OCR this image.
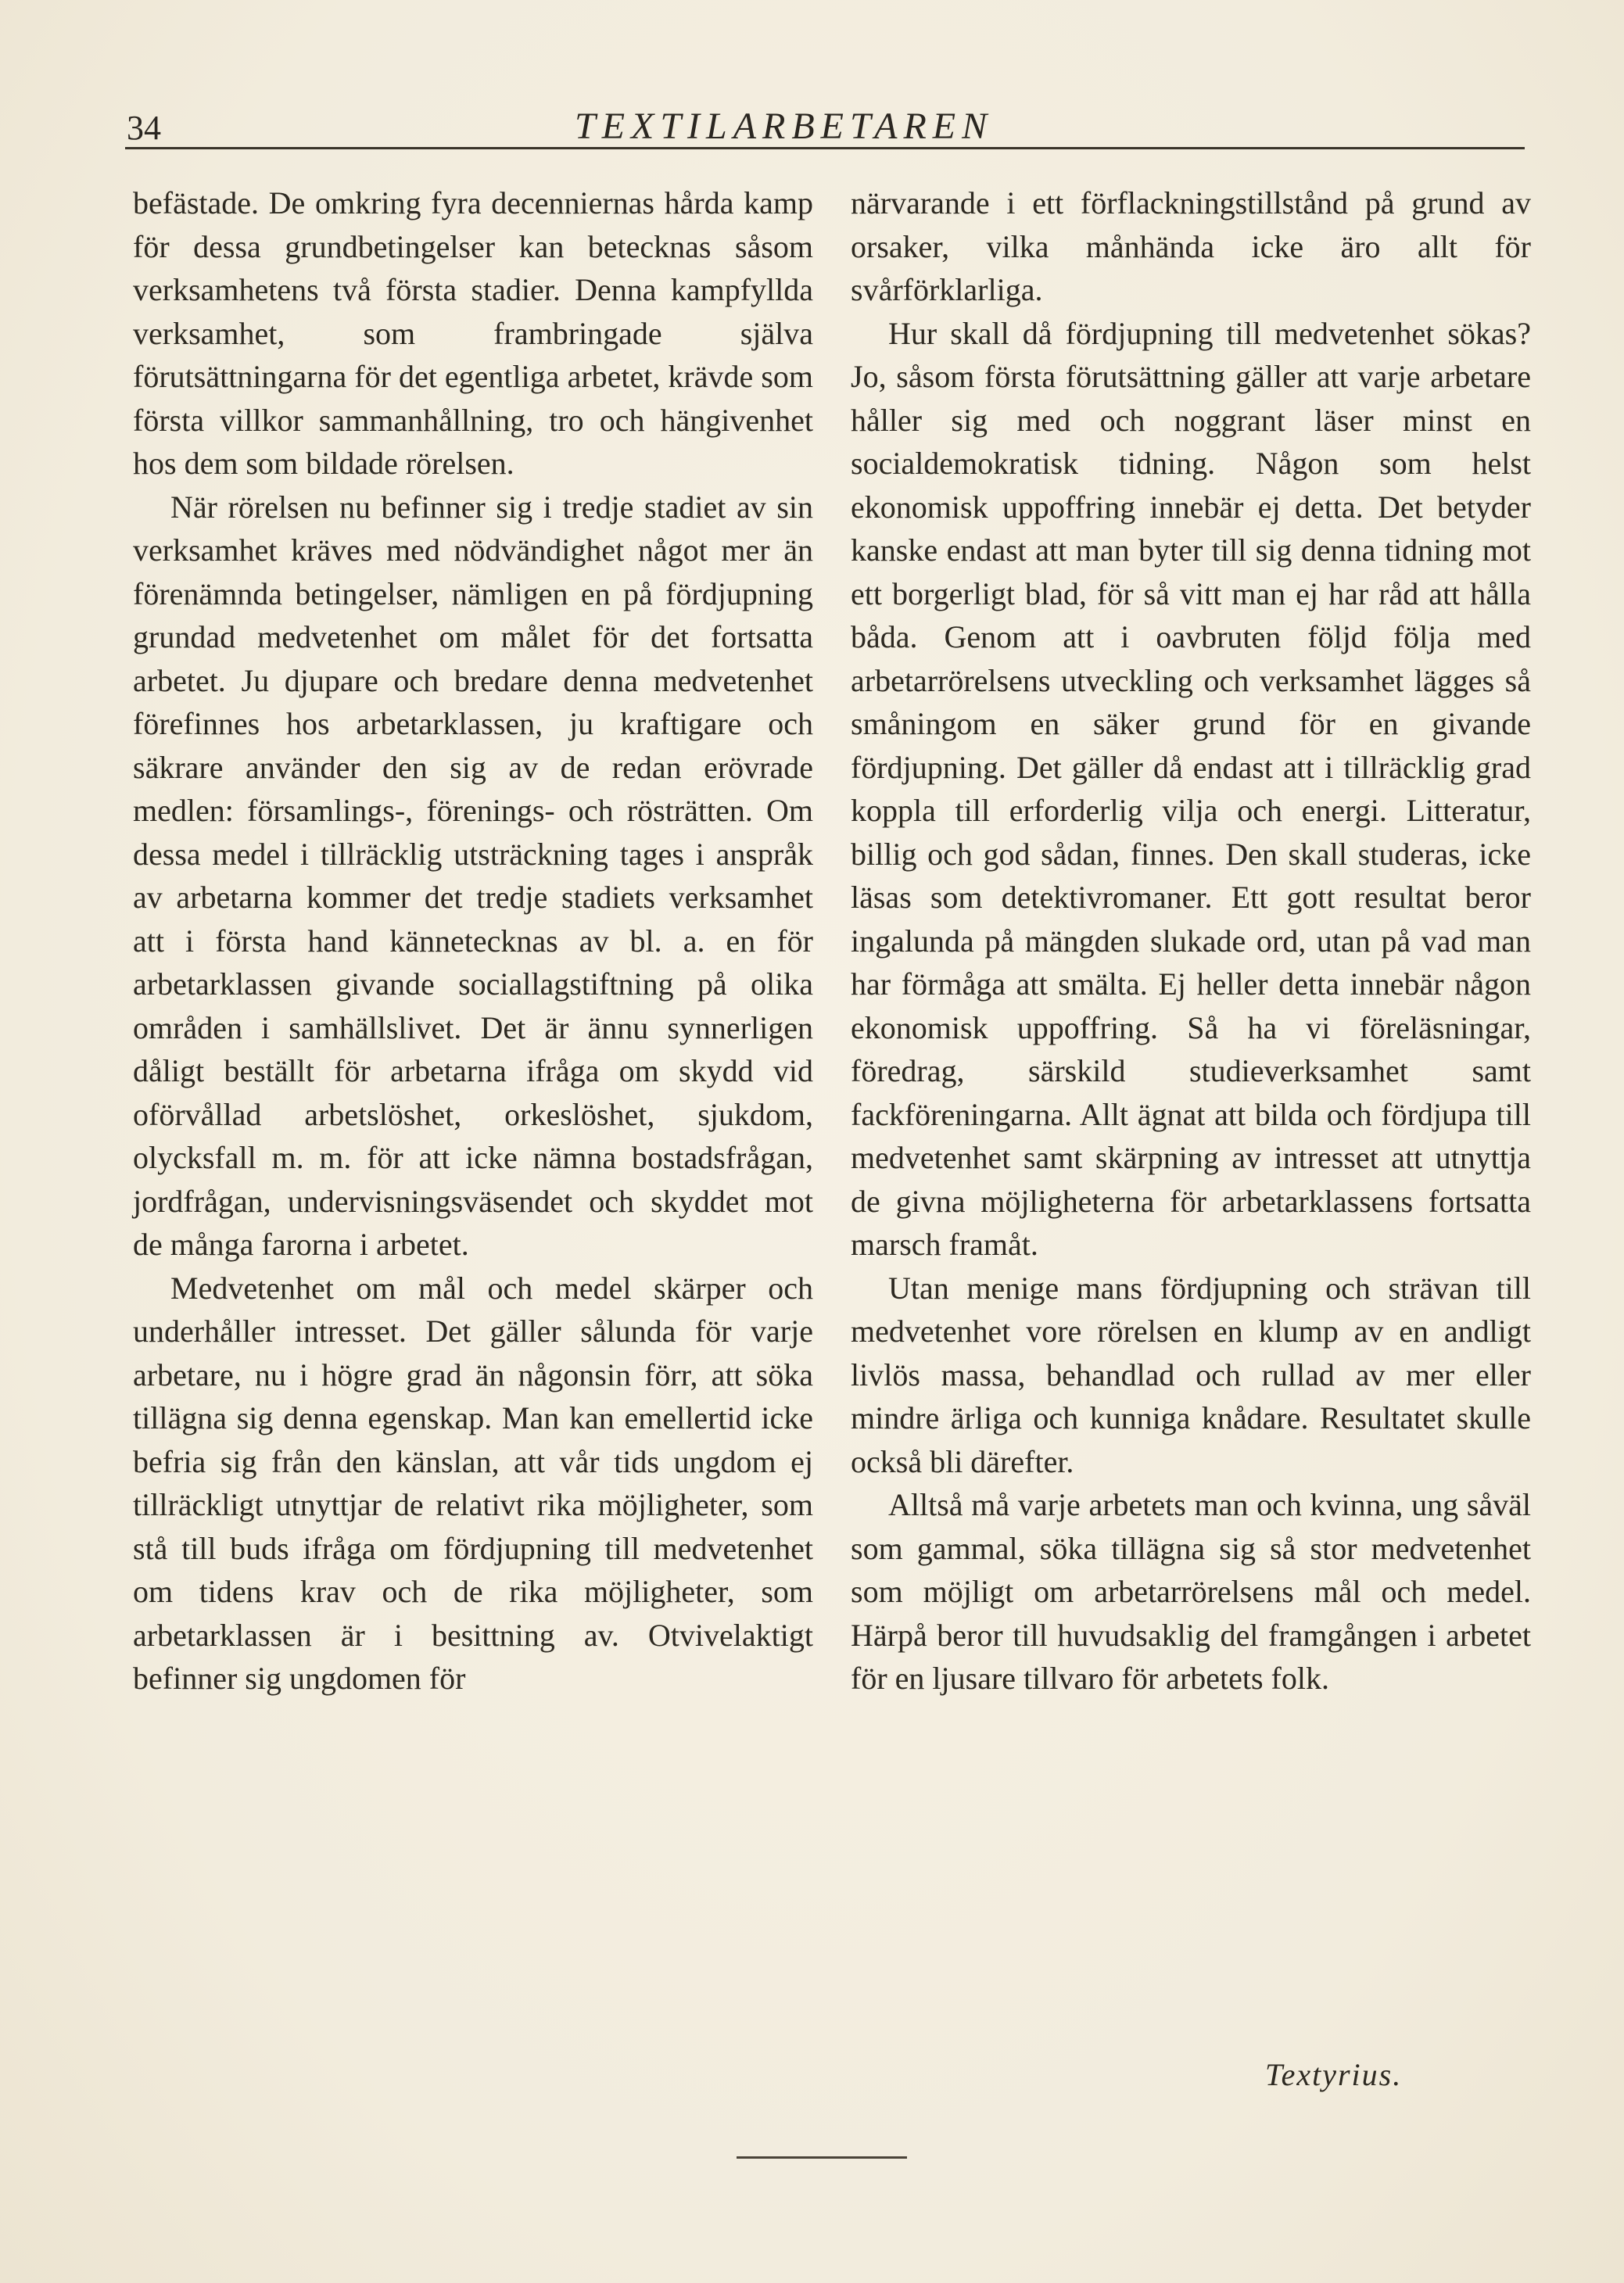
34	TEXTILARBETAREN

befästade. De omkring fyra decenniernas hårda kamp för dessa grundbetingelser kan betecknas såsom verksamhetens två första stadier. Denna kampfyllda verksamhet, som frambringade själva förutsättningarna för det egentliga arbetet, krävde som första villkor sammanhållning, tro och hängivenhet hos dem som bildade rörelsen.

När rörelsen nu befinner sig i tredje stadiet av sin verksamhet kräves med nödvändighet något mer än förenämnda betingelser, nämligen en på fördjupning grundad medvetenhet om målet för det fortsatta arbetet. Ju djupare och bredare denna medvetenhet förefinnes hos arbetarklassen, ju kraftigare och säkrare använder den sig av de redan erövrade medlen: församlings-, förenings- och rösträtten. Om dessa medel i tillräcklig utsträckning tages i anspråk av arbetarna kommer det tredje stadiets verksamhet att i första hand kännetecknas av bl. a. en för arbetarklassen givande sociallagstiftning på olika områden i samhällslivet. Det är ännu synnerligen dåligt beställt för arbetarna ifråga om skydd vid oförvållad arbetslöshet, orkeslöshet, sjukdom, olycksfall m. m. för att icke nämna bostadsfrågan, jordfrågan, undervisningsväsendet och skyddet mot de många farorna i arbetet.

Medvetenhet om mål och medel skärper och underhåller intresset. Det gäller sålunda för varje arbetare, nu i högre grad än någonsin förr, att söka tillägna sig denna egenskap. Man kan emellertid icke befria sig från den känslan, att vår tids ungdom ej tillräckligt utnyttjar de relativt rika möjligheter, som stå till buds ifråga om fördjupning till medvetenhet om tidens krav och de rika möjligheter, som arbetarklassen är i besittning av. Otvivelaktigt befinner sig ungdomen för

närvarande i ett förflackningstillstånd på grund av orsaker, vilka månhända icke äro allt för svårförklarliga.

Hur skall då fördjupning till medvetenhet sökas? Jo, såsom första förutsättning gäller att varje arbetare håller sig med och noggrant läser minst en socialdemokratisk tidning. Någon som helst ekonomisk uppoffring innebär ej detta. Det betyder kanske endast att man byter till sig denna tidning mot ett borgerligt blad, för så vitt man ej har råd att hålla båda. Genom att i oavbruten följd följa med arbetarrörelsens utveckling och verksamhet lägges så småningom en säker grund för en givande fördjupning. Det gäller då endast att i tillräcklig grad koppla till erforderlig vilja och energi. Litteratur, billig och god sådan, finnes. Den skall studeras, icke läsas som detektivromaner. Ett gott resultat beror ingalunda på mängden slukade ord, utan på vad man har förmåga att smälta. Ej heller detta innebär någon ekonomisk uppoffring. Så ha vi föreläsningar, föredrag, särskild studieverksamhet samt fackföreningarna. Allt ägnat att bilda och fördjupa till medvetenhet samt skärpning av intresset att utnyttja de givna möjligheterna för arbetarklassens fortsatta marsch framåt.

Utan menige mans fördjupning och strävan till medvetenhet vore rörelsen en klump av en andligt livlös massa, behandlad och rullad av mer eller mindre ärliga och kunniga knådare. Resultatet skulle också bli därefter.

Alltså må varje arbetets man och kvinna, ung såväl som gammal, söka tillägna sig så stor medvetenhet som möjligt om arbetarrörelsens mål och medel. Härpå beror till huvudsaklig del framgången i arbetet för en ljusare tillvaro för arbetets folk.

Textyrius.
